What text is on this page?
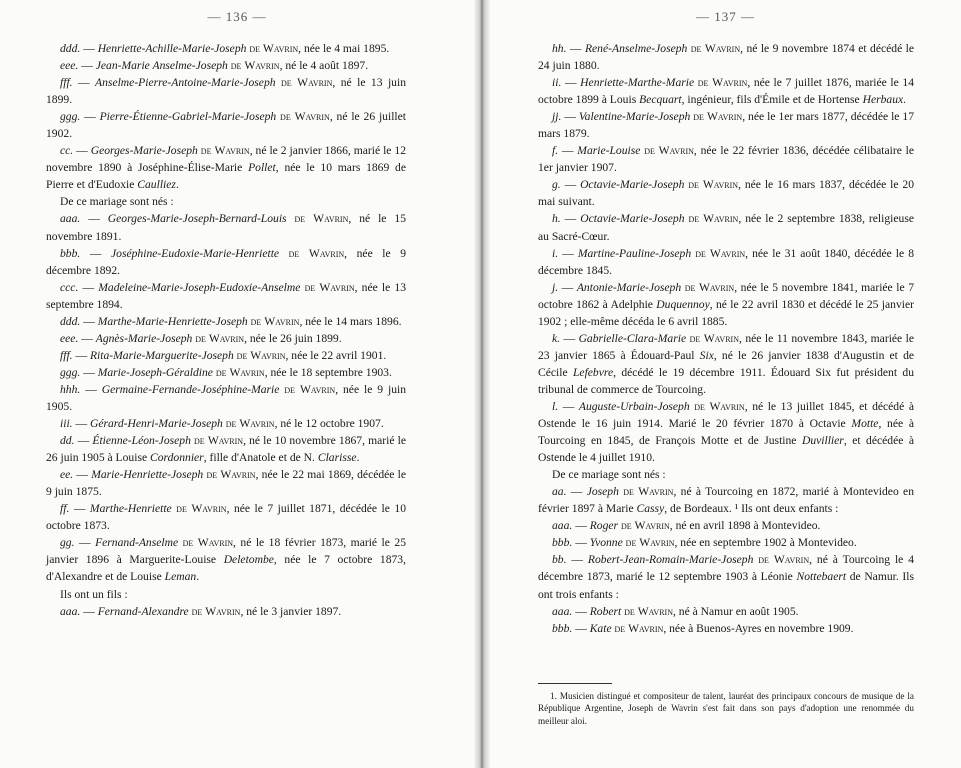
— 136 —

ddd. — Henriette-Achille-Marie-Joseph de Wavrin, née le 4 mai 1895.

eee. — Jean-Marie Anselme-Joseph de Wavrin, né le 4 août 1897.

fff. — Anselme-Pierre-Antoine-Marie-Joseph de Wavrin, né le 13 juin 1899.

ggg. — Pierre-Étienne-Gabriel-Marie-Joseph de Wavrin, né le 26 juillet 1902.

cc. — Georges-Marie-Joseph de Wavrin, né le 2 janvier 1866, marié le 12 novembre 1890 à Joséphine-Élise-Marie Pollet, née le 10 mars 1869 de Pierre et d'Eudoxie Caulliez.

De ce mariage sont nés :

aaa. — Georges-Marie-Joseph-Bernard-Louis de Wavrin, né le 15 novembre 1891.

bbb. — Joséphine-Eudoxie-Marie-Henriette de Wavrin, née le 9 décembre 1892.

ccc. — Madeleine-Marie-Joseph-Eudoxie-Anselme de Wavrin, née le 13 septembre 1894.

ddd. — Marthe-Marie-Henriette-Joseph de Wavrin, née le 14 mars 1896.

eee. — Agnès-Marie-Joseph de Wavrin, née le 26 juin 1899.

fff. — Rita-Marie-Marguerite-Joseph de Wavrin, née le 22 avril 1901.

ggg. — Marie-Joseph-Géraldine de Wavrin, née le 18 septembre 1903.

hhh. — Germaine-Fernande-Joséphine-Marie de Wavrin, née le 9 juin 1905.

iii. — Gérard-Henri-Marie-Joseph de Wavrin, né le 12 octobre 1907.

dd. — Étienne-Léon-Joseph de Wavrin, né le 10 novembre 1867, marié le 26 juin 1905 à Louise Cordonnier, fille d'Anatole et de N. Clarisse.

ee. — Marie-Henriette-Joseph de Wavrin, née le 22 mai 1869, décédée le 9 juin 1875.

ff. — Marthe-Henriette de Wavrin, née le 7 juillet 1871, décédée le 10 octobre 1873.

gg. — Fernand-Anselme de Wavrin, né le 18 février 1873, marié le 25 janvier 1896 à Marguerite-Louise Deletombe, née le 7 octobre 1873, d'Alexandre et de Louise Leman.

Ils ont un fils :

aaa. — Fernand-Alexandre de Wavrin, né le 3 janvier 1897.

— 137 —

hh. — René-Anselme-Joseph de Wavrin, né le 9 novembre 1874 et décédé le 24 juin 1880.

ii. — Henriette-Marthe-Marie de Wavrin, née le 7 juillet 1876, mariée le 14 octobre 1899 à Louis Becquart, ingénieur, fils d'Émile et de Hortense Herbaux.

jj. — Valentine-Marie-Joseph de Wavrin, née le 1er mars 1877, décédée le 17 mars 1879.

f. — Marie-Louise de Wavrin, née le 22 février 1836, décédée célibataire le 1er janvier 1907.

g. — Octavie-Marie-Joseph de Wavrin, née le 16 mars 1837, décédée le 20 mai suivant.

h. — Octavie-Marie-Joseph de Wavrin, née le 2 septembre 1838, religieuse au Sacré-Cœur.

i. — Martine-Pauline-Joseph de Wavrin, née le 31 août 1840, décédée le 8 décembre 1845.

j. — Antonie-Marie-Joseph de Wavrin, née le 5 novembre 1841, mariée le 7 octobre 1862 à Adelphie Duquennoy, né le 22 avril 1830 et décédé le 25 janvier 1902 ; elle-même décéda le 6 avril 1885.

k. — Gabrielle-Clara-Marie de Wavrin, née le 11 novembre 1843, mariée le 23 janvier 1865 à Édouard-Paul Six, né le 26 janvier 1838 d'Augustin et de Cécile Lefebvre, décédé le 19 décembre 1911. Édouard Six fut président du tribunal de commerce de Tourcoing.

l. — Auguste-Urbain-Joseph de Wavrin, né le 13 juillet 1845, et décédé à Ostende le 16 juin 1914. Marié le 20 février 1870 à Octavie Motte, née à Tourcoing en 1845, de François Motte et de Justine Duvillier, et décédée à Ostende le 4 juillet 1910.

De ce mariage sont nés :

aa. — Joseph de Wavrin, né à Tourcoing en 1872, marié à Montevideo en février 1897 à Marie Cassy, de Bordeaux. ¹ Ils ont deux enfants :

aaa. — Roger de Wavrin, né en avril 1898 à Montevideo.

bbb. — Yvonne de Wavrin, née en septembre 1902 à Montevideo.

bb. — Robert-Jean-Romain-Marie-Joseph de Wavrin, né à Tourcoing le 4 décembre 1873, marié le 12 septembre 1903 à Léonie Nottebaert de Namur. Ils ont trois enfants :

aaa. — Robert de Wavrin, né à Namur en août 1905.

bbb. — Kate de Wavrin, née à Buenos-Ayres en novembre 1909.

1. Musicien distingué et compositeur de talent, lauréat des principaux concours de musique de la République Argentine, Joseph de Wavrin s'est fait dans son pays d'adoption une renommée du meilleur aloi.
